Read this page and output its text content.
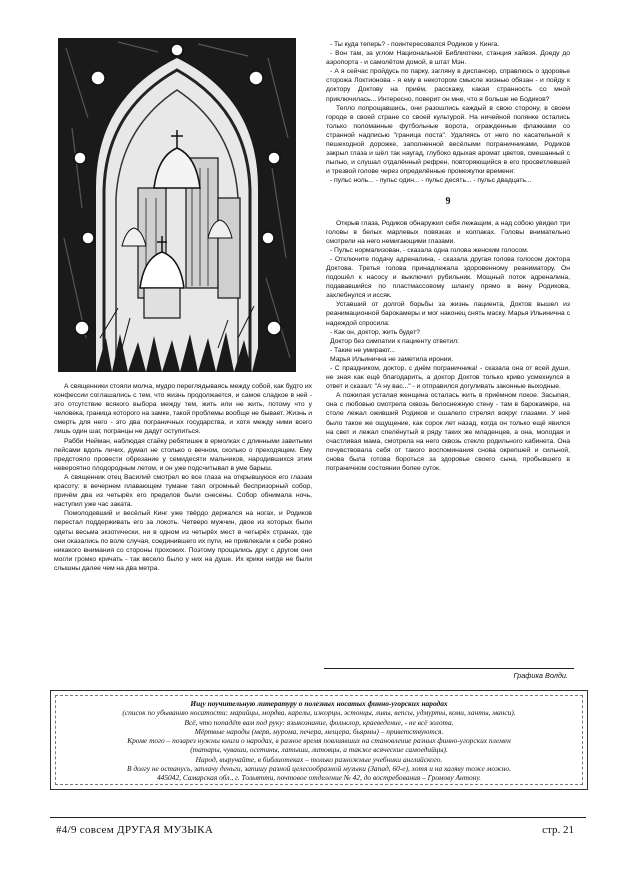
А священники стояли молча, мудро переглядываясь между собой, как будто их конфессии соглашались с тем, что жизнь продолжается, и самое сладкое в ней - это отсутствие всякого выбора между тем, жить или не жить, потому что у человека, граница которого на замке, такой проблемы вообще не бывает. Жизнь и смерть для него - это два пограничных государства, и хотя между ними всего лишь один шаг, погранцы не дадут оступиться.

Рабби Нейман, наблюдая стайку ребятишек в ермолках с длинными завитыми пейсами вдоль личих, думал не столько о вечном, сколько о преходящем. Ему предстояло провести обрезание у семидесяти мальчиков, народившихся этим невероятно плодородным летом, и он уже подсчитывал в уме барыш.

А священник отец Василий смотрел во все глаза на открывшуюся его глазам красоту: в вечернем плавающем тумане таял огромный беспризорный собор, причём два из четырёх его пределов были снесены. Собор обнимала ночь, наступил уже час заката.

Помолодевший и весёлый Кинг уже твёрдо держался на ногах, и Родиков перестал поддерживать его за локоть. Четверо мужчин, двое из которых были одеты весьма экзотически, ни в одном из четырёх мест в четырёх странах, где они оказались по воле случая, соединившего их пути, не привлекали к себе ровно никакого внимания со стороны прохожих. Поэтому прощались друг с другом они могли громко кричать - так весело было у них на душе. Их крики нигде не были слышны далее чем на два метра.

- Ты куда теперь? - поинтересовался Родиков у Кинга.

- Вон там, за углом Национальной Библиотеки, станция хайвэя. Доеду до аэропорта - и самолётом домой, в штат Мэн.

- А я сейчас пройдусь по парку, загляну в диспансер, справлюсь о здоровье сторожа Локтионова - я ему в некотором смысле жизнью обязан - и пойду к доктору Доктову на приём, расскажу, какая странность со мной приключилась... Интересно, поверит он мне, что я больше не Бодиков?

Тепло попрощавшись, они разошлись каждый в свою сторону, в своем городе в своей стране со своей культурой. На ничейной полянке остались только поломанные футбольные ворота, огражденные флажками со странной надписью "граница поста". Удаляясь от него по касательной к пешеходной дорожке, заполненной весёлыми пограничниками, Родиков закрыл глаза и шёл так наугад, глубоко вдыхая аромат цветов, смешанный с пылью, и слушал отдалённый рефрен, повторяющийся в его просветлевшей и трезвой голове через определённые промежутки времени:

- пульс ноль... - пульс один... - пульс десять... - пульс двадцать...

9

Открыв глаза, Родиков обнаружил себя лежащим, а над собою увидел три головы в белых марлевых повязках и колпаках. Головы внимательно смотрели на него немигающими глазами.

- Пульс нормализован, - сказала одна голова женским голосом.

- Отключите подачу адреналина, - сказала другая голова голосом доктора Доктова. Третья голова принадлежала здоровенному реаниматору. Он подошёл к насосу и выключил рубильник. Мощный поток адреналина, подававшийся по пластмассовому шлангу прямо в вену Родикова, захлебнулся и иссяк.

Уставший от долгой борьбы за жизнь пациента, Доктов вышел из реанимационной барокамеры и мог наконец снять маску. Марья Ильинична с надеждой спросила:

- Как он, доктор, жить будет?

Доктор без симпатии к пациенту ответил:

- Такие не умирают...

Марья Ильинична не заметила иронии.

- С праздником, доктор, с днём пограничника! - сказала она от всей души, не зная как ещё благодарить, а доктор Доктов только криво усмехнулся в ответ и сказал: "А ну вас..." - и отправился догуливать законные выходные.

А пожилая усталая женщина осталась жить в приёмном покое. Засыпая, она с любовью смотрела сквозь белоснежную стену - там в барокамере, на столе лежал оживший Родиков и ошалело стрелял вокруг глазами. У неё было такое же ощущение, как сорок лет назад, когда он только ещё явился на свет и лежал спелёнутый в ряду таких же младенцев, а она, молодая и счастливая мама, смотрела на него сквозь стекло родильного кабинета. Она почувствовала себя от такого воспоминания снова окрепшей и сильной, снова была готова бороться за здоровье своего сына, пробывшего в пограничном состоянии более суток.

Графика Волди.

Ищу поучительную литературу о полезных носатых финно-угорских народах

(список по убыванию носатости: марийцы, мордва, карелы, ижорцы, эстонцы, ливы, вепсы, удмурты, коми, ханты, манси).

Всё, что попадёт вам под руку: языкознание, фольклор, краеведение, - не всё золота.

Мёртвые народы (меря, мурома, печера, мещера, бьярмы) – приветствуются.

Кроме того – позарез нужны книги о народах, в разное время повлиявших на становление разных финно-угорских племен

(татары, чуваши, осетины, латыши, литовцы, а также всяческие самоедийцы).

Народ, выручайте, в библиотеках – только разножные учебники английского.

В долгу не останусь, заплачу деньги, запишу разной целесообразной музыки (Запад, 60-е), хотя и на халяву тоже можно.

445042, Самарская обл., г. Тольятти, почтовое отделение № 42, до востребования – Громову Антону.

#4/9 совсем ДРУГАЯ МУЗЫКА	стр. 21
